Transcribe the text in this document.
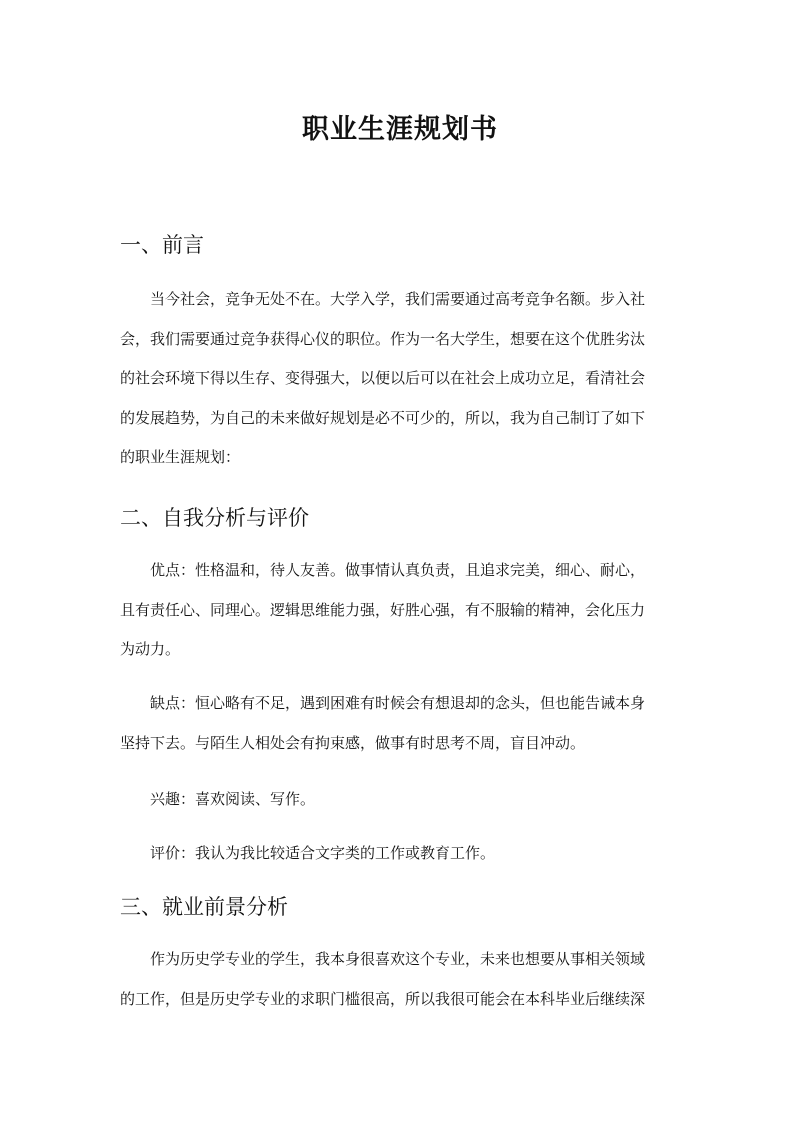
职业生涯规划书
一、前言
当今社会，竞争无处不在。大学入学，我们需要通过高考竞争名额。步入社
会，我们需要通过竞争获得心仪的职位。作为一名大学生，想要在这个优胜劣汰
的社会环境下得以生存、变得强大，以便以后可以在社会上成功立足，看清社会
的发展趋势，为自己的未来做好规划是必不可少的，所以，我为自己制订了如下
的职业生涯规划：
二、自我分析与评价
优点：性格温和，待人友善。做事情认真负责，且追求完美，细心、耐心，
且有责任心、同理心。逻辑思维能力强，好胜心强，有不服输的精神，会化压力
为动力。
缺点：恒心略有不足，遇到困难有时候会有想退却的念头，但也能告诫本身
坚持下去。与陌生人相处会有拘束感，做事有时思考不周，盲目冲动。
兴趣：喜欢阅读、写作。
评价：我认为我比较适合文字类的工作或教育工作。
三、就业前景分析
作为历史学专业的学生，我本身很喜欢这个专业，未来也想要从事相关领域
的工作，但是历史学专业的求职门槛很高，所以我很可能会在本科毕业后继续深
